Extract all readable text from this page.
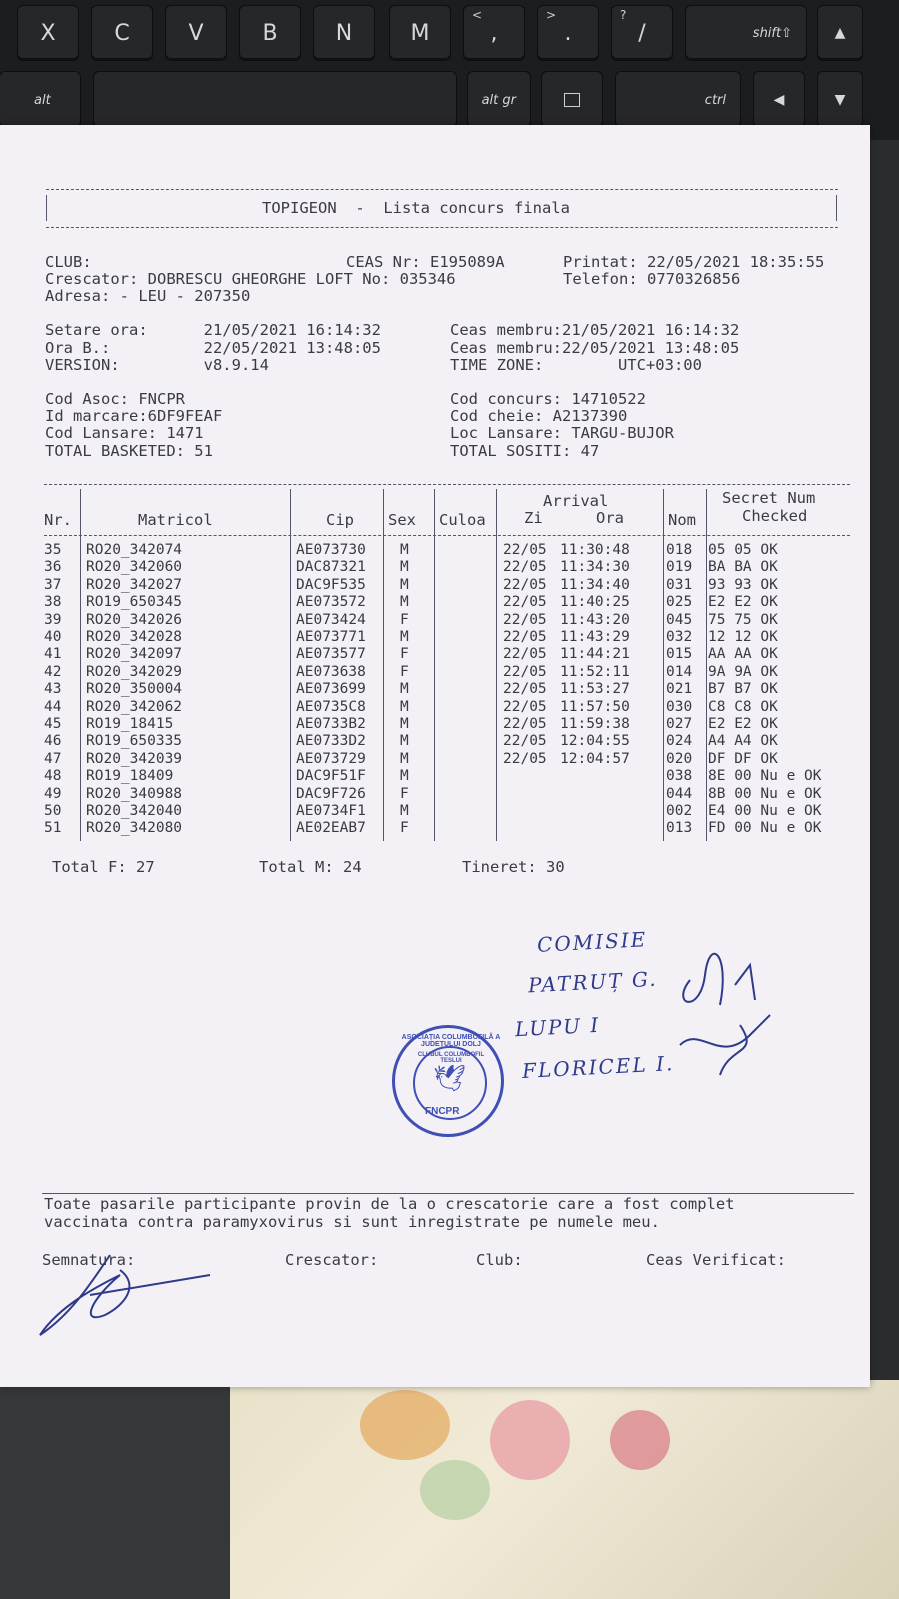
X	C	V	B	N	M
<
,
>
.
?
/	shift⇧	▲
alt	alt gr	ctrl	◀	▼
TOPIGEON  -  Lista concurs finala
CLUB:	CEAS Nr: E195089A	Printat: 22/05/2021 18:35:55
Crescator: DOBRESCU GHEORGHE LOFT No: 035346	Telefon: 0770326856
Adresa: - LEU - 207350
Setare ora:      21/05/2021 16:14:32	Ceas membru:21/05/2021 16:14:32
Ora B.:          22/05/2021 13:48:05	Ceas membru:22/05/2021 13:48:05
VERSION:         v8.9.14	TIME ZONE:        UTC+03:00
Cod Asoc: FNCPR	Cod concurs: 14710522
Id marcare:6DF9FEAF	Cod cheie: A2137390
Cod Lansare: 1471	Loc Lansare: TARGU-BUJOR
TOTAL BASKETED: 51	TOTAL SOSITI: 47
Nr.	Matricol	Cip Sex Culoa
Arrival
Zi	Ora	Nom
Secret Num
Checked
35 RO20_342074	AE073730 M	22/05 11:30:48 018 05 05 OK
36 RO20_342060	DAC87321 M	22/05 11:34:30 019 BA BA OK
37 RO20_342027	DAC9F535 M	22/05 11:34:40 031 93 93 OK
38 RO19_650345	AE073572 M	22/05 11:40:25 025 E2 E2 OK
39 RO20_342026	AE073424 F	22/05 11:43:20 045 75 75 OK
40 RO20_342028	AE073771 M	22/05 11:43:29 032 12 12 OK
41 RO20_342097	AE073577 F	22/05 11:44:21 015 AA AA OK
42 RO20_342029	AE073638 F	22/05 11:52:11 014 9A 9A OK
43 RO20_350004	AE073699 M	22/05 11:53:27 021 B7 B7 OK
44 RO20_342062	AE0735C8 M	22/05 11:57:50 030 C8 C8 OK
45 RO19_18415	AE0733B2 M	22/05 11:59:38 027 E2 E2 OK
46 RO19_650335	AE0733D2 M	22/05 12:04:55 024 A4 A4 OK
47 RO20_342039	AE073729 M	22/05 12:04:57 020 DF DF OK
48 RO19_18409	DAC9F51F M	038 8E 00 Nu e OK
49 RO20_340988	DAC9F726 F	044 8B 00 Nu e OK
50 RO20_342040	AE0734F1 M	002 E4 00 Nu e OK
51 RO20_342080	AE02EAB7 F	013 FD 00 Nu e OK
Total F: 27	Total M: 24	Tineret: 30
COMISIE
PATRUȚ G.
LUPU I
FLORICEL I.
ASOCIAȚIA COLUMBOFILĂ A JUDEȚULUI DOLJ
CLUBUL COLUMBOFIL TESLUI
🕊
FNCPR
Toate pasarile participante provin de la o crescatorie care a fost complet
vaccinata contra paramyxovirus si sunt inregistrate pe numele meu.
Semnatura:	Crescator:	Club:	Ceas Verificat:
